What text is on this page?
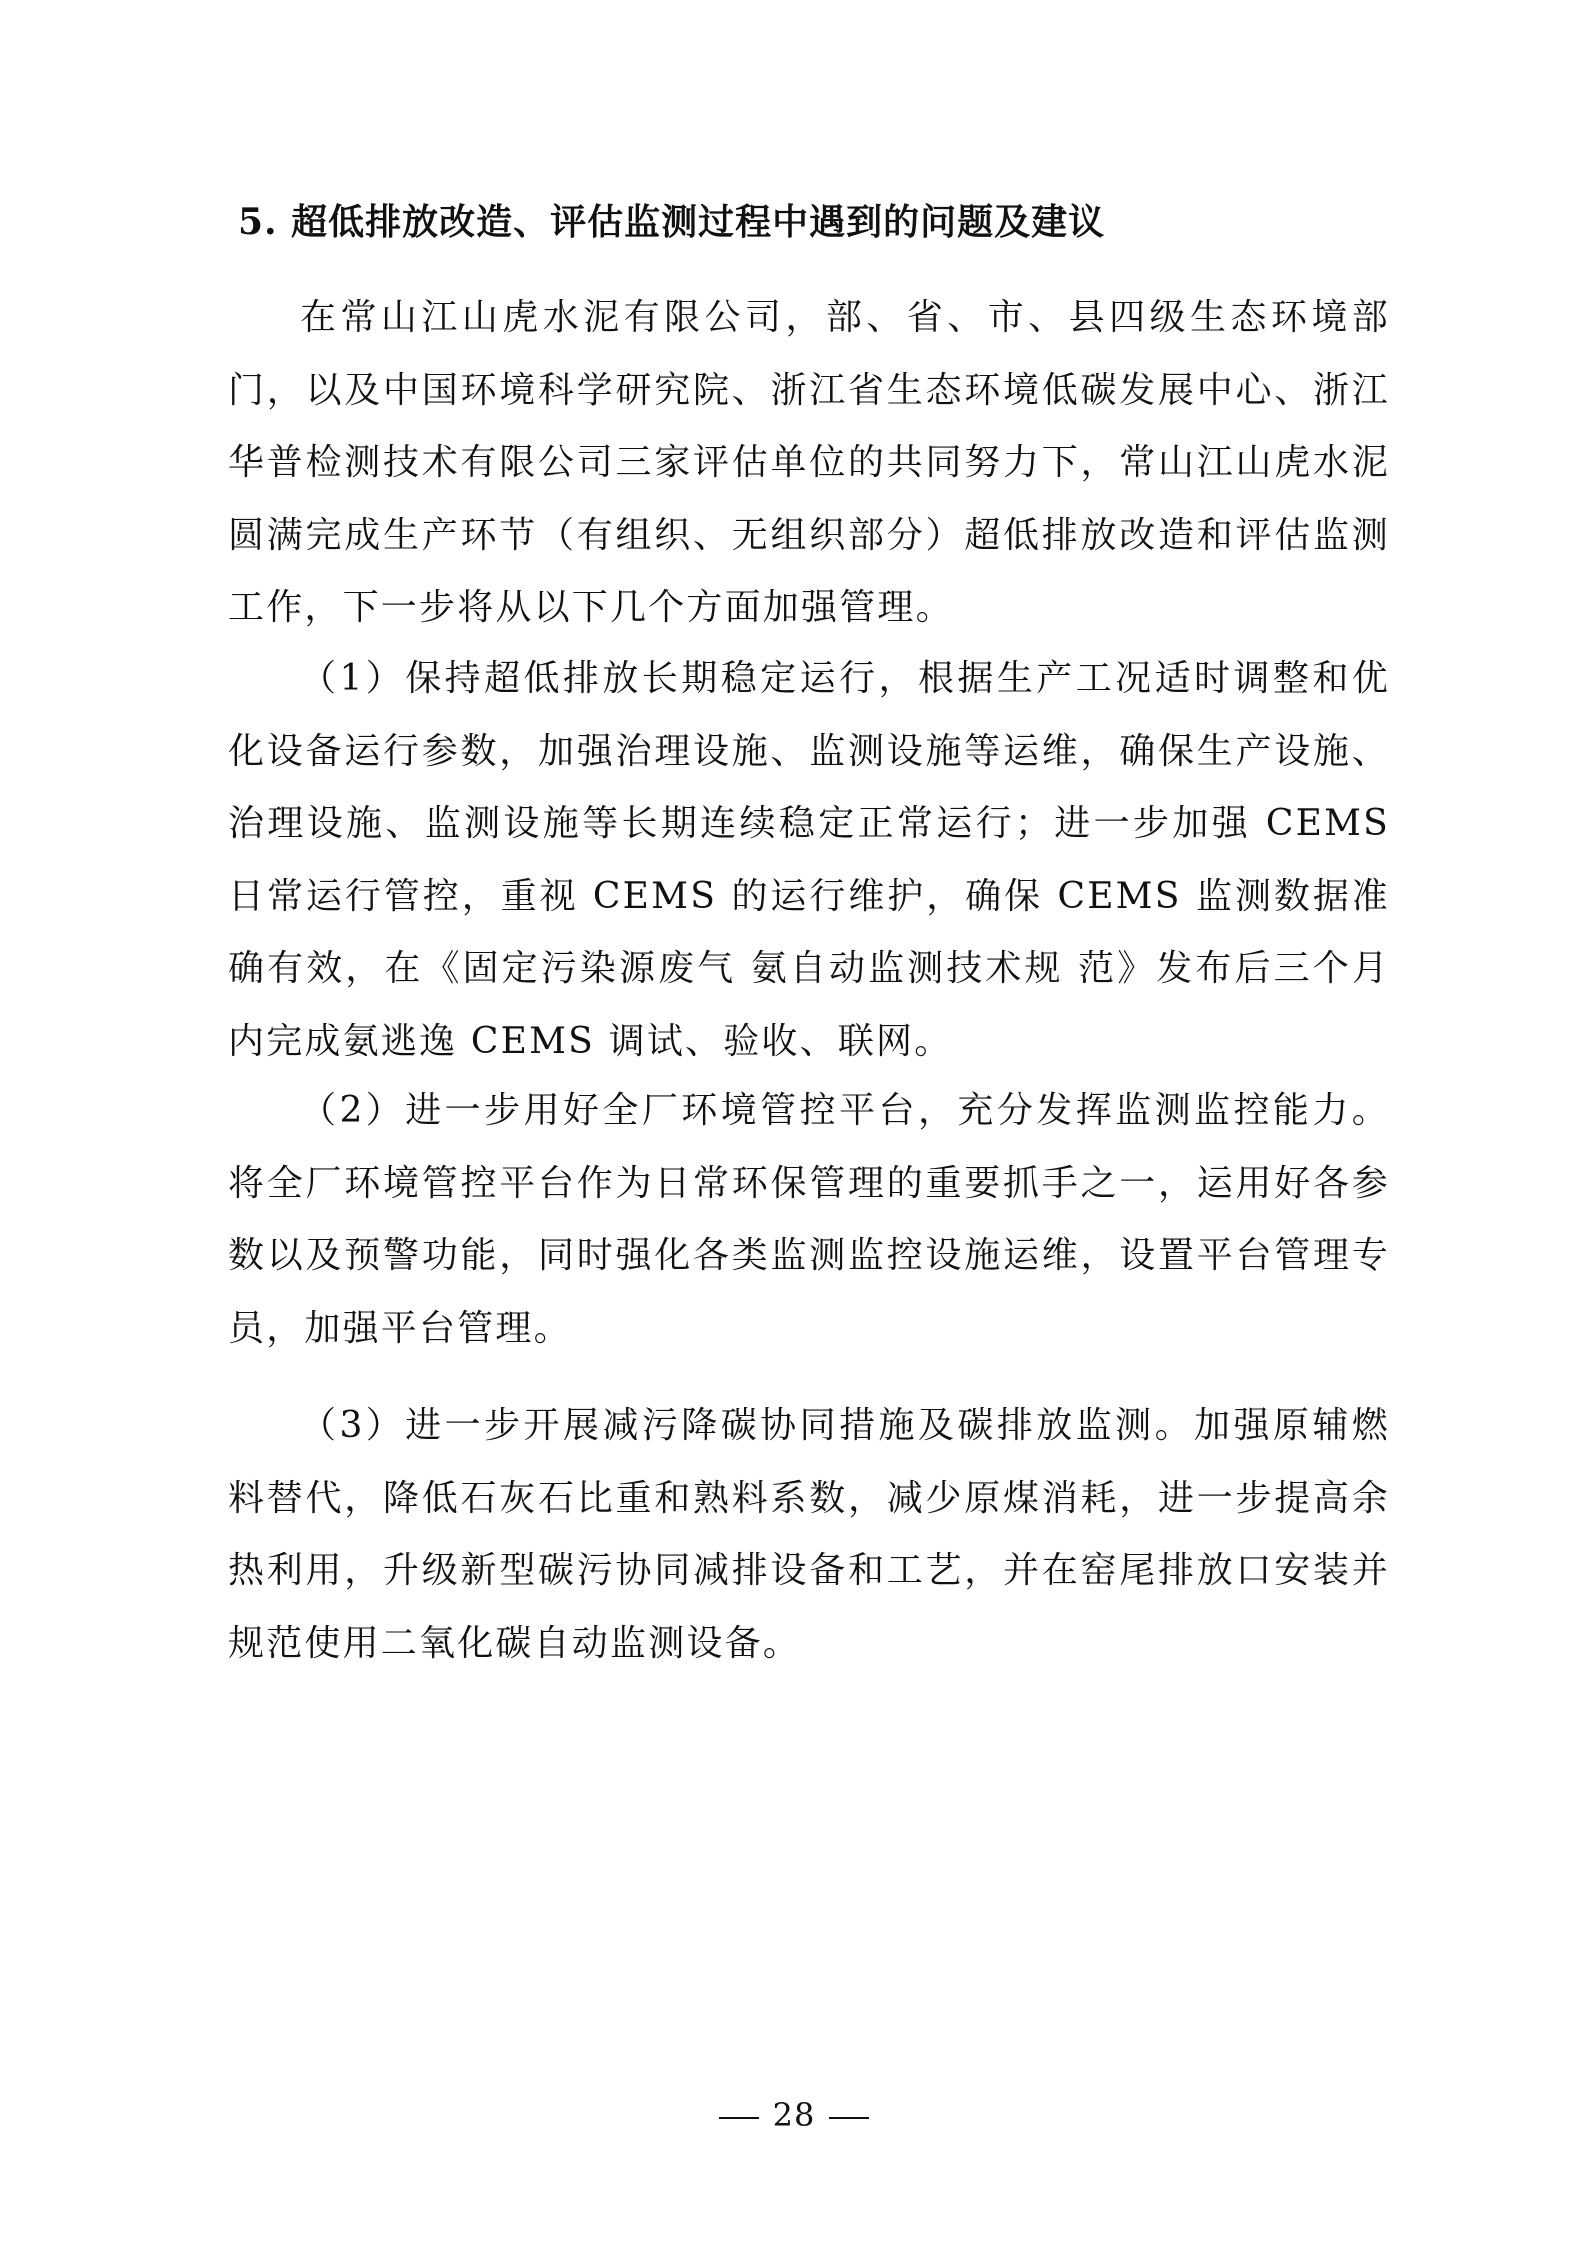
5. 超低排放改造、评估监测过程中遇到的问题及建议

在常山江山虎水泥有限公司，部、省、市、县四级生态环境部门，以及中国环境科学研究院、浙江省生态环境低碳发展中心、浙江华普检测技术有限公司三家评估单位的共同努力下，常山江山虎水泥圆满完成生产环节（有组织、无组织部分）超低排放改造和评估监测工作，下一步将从以下几个方面加强管理。

（1）保持超低排放长期稳定运行，根据生产工况适时调整和优化设备运行参数，加强治理设施、监测设施等运维，确保生产设施、治理设施、监测设施等长期连续稳定正常运行；进一步加强 CEMS 日常运行管控，重视 CEMS 的运行维护，确保 CEMS 监测数据准确有效，在《固定污染源废气 氨自动监测技术规 范》发布后三个月内完成氨逃逸 CEMS 调试、验收、联网。

（2）进一步用好全厂环境管控平台，充分发挥监测监控能力。将全厂环境管控平台作为日常环保管理的重要抓手之一，运用好各参数以及预警功能，同时强化各类监测监控设施运维，设置平台管理专员，加强平台管理。

（3）进一步开展减污降碳协同措施及碳排放监测。加强原辅燃料替代，降低石灰石比重和熟料系数，减少原煤消耗，进一步提高余热利用，升级新型碳污协同减排设备和工艺，并在窑尾排放口安装并规范使用二氧化碳自动监测设备。

28
